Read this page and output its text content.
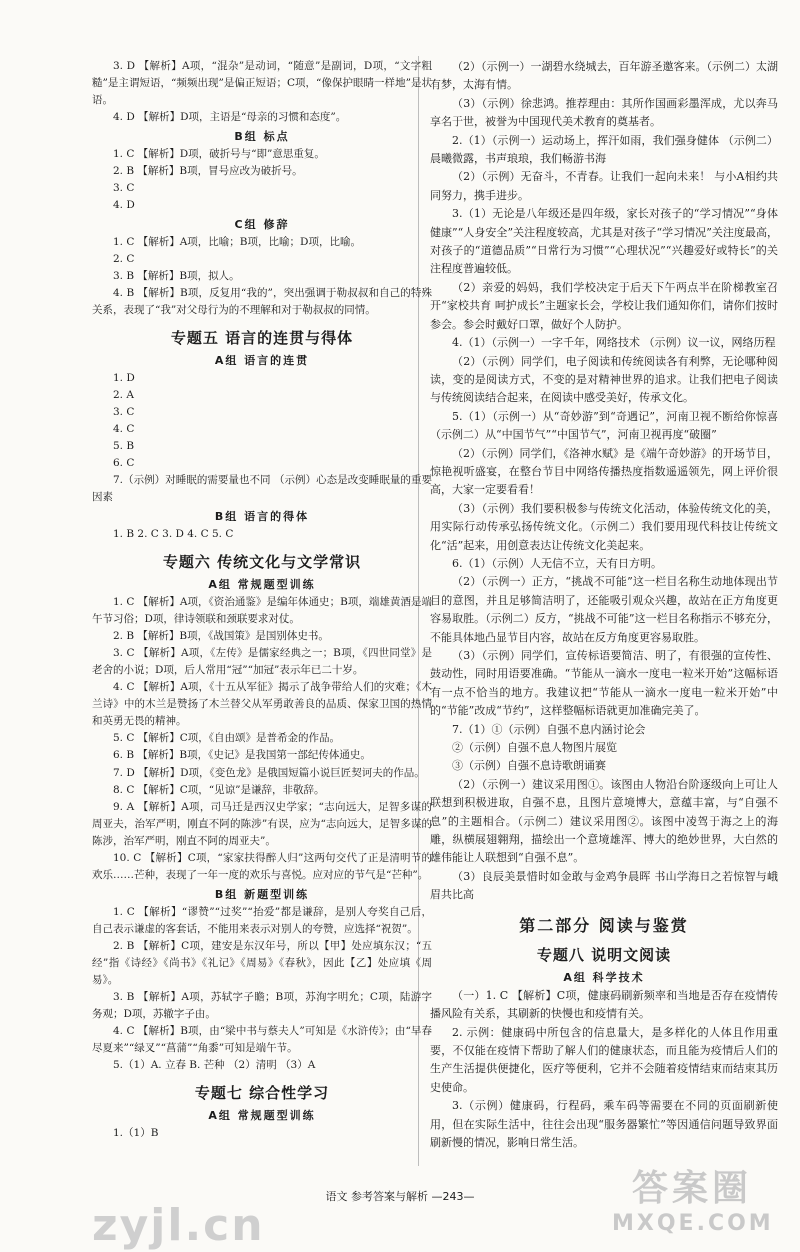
3. D 【解析】A项，“混杂”是动词，“随意”是副词，D项，“文字粗糙”是主谓短语，“频频出现”是偏正短语；C项，“像保护眼睛一样地”是状语。
4. D 【解析】D项，主语是“母亲的习惯和态度”。
B组 标点
1. C 【解析】D项，破折号与“即”意思重复。
2. B 【解析】B项，冒号应改为破折号。
3. C
4. D
C组 修辞
1. C 【解析】A项，比喻；B项，比喻；D项，比喻。
2. C
3. B 【解析】B项，拟人。
4. B 【解析】B项，反复用“我的”，突出强调于勒叔叔和自己的特殊关系，表现了“我”对父母行为的不理解和对于勒叔叔的同情。
专题五 语言的连贯与得体
A组 语言的连贯
1. D
2. A
3. C
4. C
5. B
6. C
7.（示例）对睡眠的需要量也不同 （示例）心态是改变睡眠量的重要因素
B组 语言的得体
1. B 2. C 3. D 4. C 5. C
专题六 传统文化与文学常识
A组 常规题型训练
1. C 【解析】A项，《资治通鉴》是编年体通史；B项，端雄黄酒是端午节习俗；D项，律诗领联和颈联要求对仗。
2. B 【解析】B项，《战国策》是国别体史书。
3. C 【解析】A项，《左传》是儒家经典之一；B项，《四世同堂》是老舍的小说；D项，后人常用“冠”“加冠”表示年已二十岁。
4. C 【解析】A项，《十五从军征》揭示了战争带给人们的灾难；《木兰诗》中的木兰是赞扬了木兰替父从军勇敢善良的品质、保家卫国的热情和英勇无畏的精神。
5. C 【解析】C项，《自由颂》是普希金的作品。
6. B 【解析】B项，《史记》是我国第一部纪传体通史。
7. D 【解析】D项，《变色龙》是俄国短篇小说巨匠契诃夫的作品。
8. C 【解析】C项，“见谅”是谦辞，非敬辞。
9. A 【解析】A项，司马迁是西汉史学家；“志向远大，足智多谋的周亚夫，治军严明，刚直不阿的陈涉”有误，应为“志向远大，足智多谋的陈涉，治军严明，刚直不阿的周亚夫”。
10. C 【解析】C项，“家家扶得醉人归”这两句交代了正是清明节的欢乐……芒种，表现了一年一度的欢乐与喜悦。应对应的节气是“芒种”。
B组 新题型训练
1. C 【解析】“谬赞”“过奖”“抬爱”都是谦辞，是别人夸奖自己后，自己表示谦虚的客套话，不能用来表示对别人的夸赞，应选择“祝贺”。
2. B 【解析】C项，建安是东汉年号，所以【甲】处应填东汉；“五经”指《诗经》《尚书》《礼记》《周易》《春秋》，因此【乙】处应填《周易》。
3. B 【解析】A项，苏轼字子瞻；B项，苏洵字明允；C项，陆游字务观；D项，苏辙字子由。
4. C 【解析】B项，由“梁中书与蔡夫人”可知是《水浒传》；由“早春尽夏来”“绿叉”“菖蒲”“角黍”可知是端午节。
5.（1）A. 立春 B. 芒种 （2）清明 （3）A
专题七 综合性学习
A组 常规题型训练
1.（1）B
（2）（示例一）一湖碧水绕城去，百年游圣邀客来。（示例二）太湖有梦，太海有情。
（3）（示例）徐悲鸿。推荐理由：其所作国画彩墨浑成，尤以奔马享名于世，被誉为中国现代美术教育的奠基者。
2.（1）（示例一）运动场上，挥汗如雨，我们强身健体 （示例二）晨曦微露，书声琅琅，我们畅游书海
（2）（示例）无奋斗，不青春。让我们一起向未来！ 与小A相约共同努力，携手进步。
3.（1）无论是八年级还是四年级，家长对孩子的“学习情况”“身体健康”“人身安全”关注程度较高，尤其是对孩子“学习情况”关注度最高，对孩子的“道德品质”“日常行为习惯”“心理状况”“兴趣爱好或特长”的关注程度普遍较低。
（2）亲爱的妈妈，我们学校决定于后天下午两点半在阶梯教室召开“家校共育 呵护成长”主题家长会，学校让我们通知你们，请你们按时参会。参会时戴好口罩，做好个人防护。
4.（1）（示例一）一字千年，网络技术 （示例）议一议，网络历程
（2）（示例）同学们，电子阅读和传统阅读各有利弊，无论哪种阅读，变的是阅读方式，不变的是对精神世界的追求。让我们把电子阅读与传统阅读结合起来，在阅读中感受美好，传承文化。
5.（1）（示例一）从“奇妙游”到“奇遇记”，河南卫视不断给你惊喜 （示例二）从“中国节气”“中国节气”，河南卫视再度“破圈”
（2）（示例）同学们，《洛神水赋》是《端午奇妙游》的开场节目，惊艳视听盛宴，在整台节目中网络传播热度指数遥遥领先，网上评价很高，大家一定要看看！
（3）（示例）我们要积极参与传统文化活动，体验传统文化的美，用实际行动传承弘扬传统文化。（示例二）我们要用现代科技让传统文化“活”起来，用创意表达让传统文化美起来。
6.（1）（示例）人无信不立，天有日方明。
（2）（示例一）正方，“挑战不可能”这一栏目名称生动地体现出节目的意图，并且足够简洁明了，还能吸引观众兴趣，故站在正方角度更容易取胜。（示例二）反方，“挑战不可能”这一栏目名称指示不够充分，不能具体地凸显节目内容，故站在反方角度更容易取胜。
（3）（示例）同学们，宣传标语要简洁、明了，有很强的宣传性、鼓动性，同时用语要准确。“节能从一滴水一度电一粒米开始”这幅标语有一点不恰当的地方。我建议把“节能从一滴水一度电一粒米开始”中的“节能”改成“节约”，这样整幅标语就更加准确完美了。
7.（1）①（示例）自强不息内涵讨论会
②（示例）自强不息人物图片展览
③（示例）自强不息诗歌朗诵赛
（2）（示例一）建议采用图①。该图由人物沿台阶逐级向上可让人联想到积极进取，自强不息，且图片意境博大，意蕴丰富，与“自强不息”的主题相合。（示例二）建议采用图②。该图中凌驾于海之上的海雕，纵横展翅翱翔，描绘出一个意境雄浑、博大的绝妙世界，大白然的雄伟能让人联想到“自强不息”。
（3）良辰美景惜时如金敢与金鸡争晨晖 书山学海日之若惊智与峨眉共比高
第二部分 阅读与鉴赏
专题八 说明文阅读
A组 科学技术
（一）1. C 【解析】C项，健康码刷新频率和当地是否存在疫情传播风险有关系，其刷新的快慢也和疫情有关。
2. 示例：健康码中所包含的信息量大，是多样化的人体且作用重要，不仅能在疫情下帮助了解人们的健康状态，而且能为疫情后人们的生产生活提供便捷化，医疗等便利，它并不会随着疫情结束而结束其历史使命。
3.（示例）健康码，行程码，乘车码等需要在不同的页面刷新使用，但在实际生活中，往往会出现“服务器繁忙”等因通信问题导致界面刷新慢的情况，影响日常生活。
语文 参考答案与解析 —243—
zyjl.cn
答案圈
MXQE.COM
